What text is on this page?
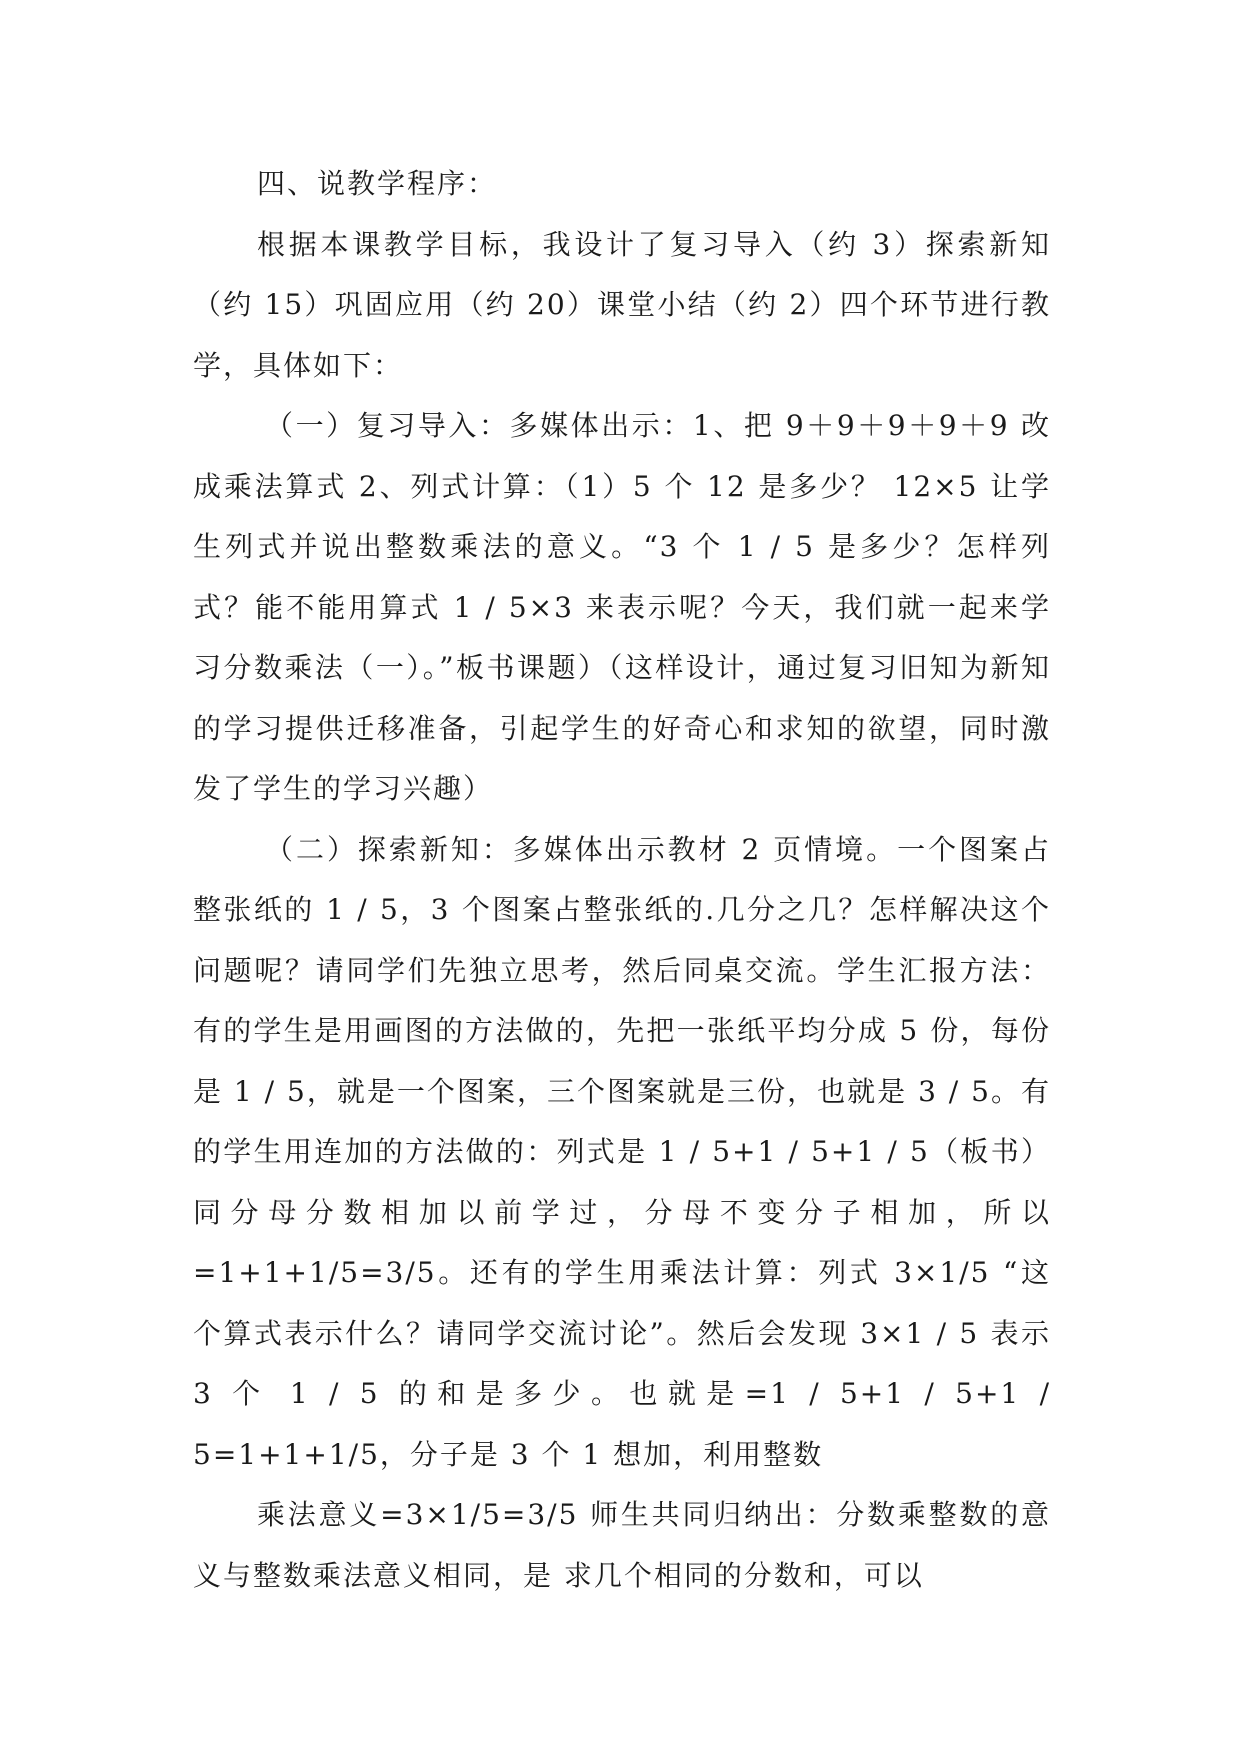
四、说教学程序：

根据本课教学目标，我设计了复习导入（约 3）探索新知（约 15）巩固应用（约 20）课堂小结（约 2）四个环节进行教学，具体如下：

（一）复习导入：多媒体出示：1、把 9＋9＋9＋9＋9 改成乘法算式 2、列式计算：（1）5 个 12 是多少？ 12×5 让学生列式并说出整数乘法的意义。“3 个 1 / 5 是多少？怎样列式？能不能用算式 1 / 5×3 来表示呢？今天，我们就一起来学习分数乘法（一）。”板书课题）（这样设计，通过复习旧知为新知的学习提供迁移准备，引起学生的好奇心和求知的欲望，同时激发了学生的学习兴趣）

（二）探索新知：多媒体出示教材 2 页情境。一个图案占整张纸的 1 / 5，3 个图案占整张纸的.几分之几？怎样解决这个问题呢？请同学们先独立思考，然后同桌交流。学生汇报方法：有的学生是用画图的方法做的，先把一张纸平均分成 5 份，每份是 1 / 5，就是一个图案，三个图案就是三份，也就是 3 / 5。有的学生用连加的方法做的：列式是 1 / 5+1 / 5+1 / 5（板书）同分母分数相加以前学过，分母不变分子相加，所以=1+1+1/5=3/5。还有的学生用乘法计算：列式 3×1/5 “这个算式表示什么？请同学交流讨论”。然后会发现 3×1 / 5 表示 3 个 1 / 5 的和是多少。也就是=1 / 5+1 / 5+1 / 5=1+1+1/5，分子是 3 个 1 想加，利用整数

乘法意义=3×1/5=3/5 师生共同归纳出：分数乘整数的意义与整数乘法意义相同，是 求几个相同的分数和，可以
